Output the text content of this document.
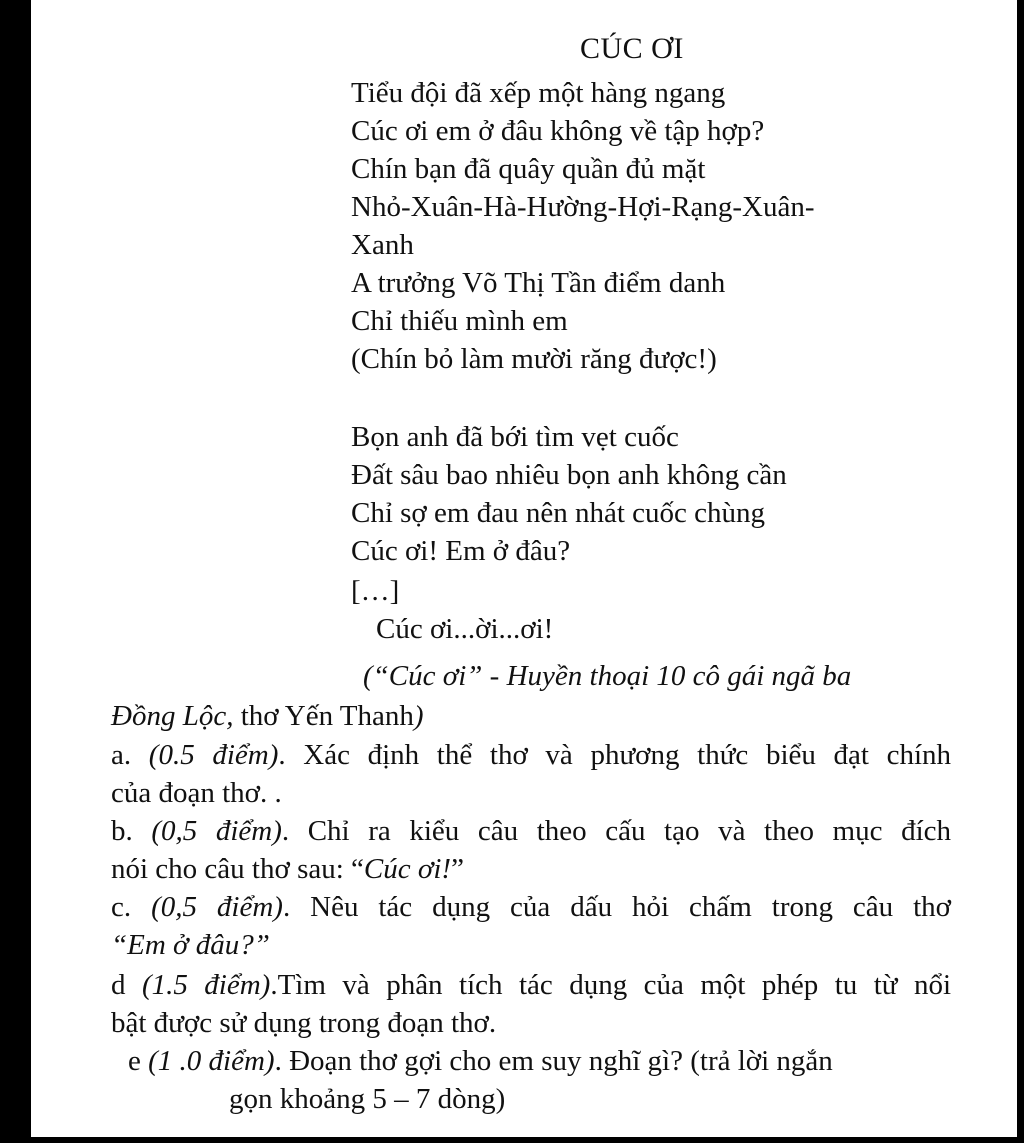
CÚC ƠI
Tiểu đội đã xếp một hàng ngang
Cúc ơi em ở đâu không về tập hợp?
Chín bạn đã quây quần đủ mặt
Nhỏ-Xuân-Hà-Hường-Hợi-Rạng-Xuân-
Xanh
A trưởng Võ Thị Tần điểm danh
Chỉ thiếu mình em
(Chín bỏ làm mười răng được!)
Bọn anh đã bới tìm vẹt cuốc
Đất sâu bao nhiêu bọn anh không cần
Chỉ sợ em đau nên nhát cuốc chùng
Cúc ơi! Em ở đâu?
[…]
Cúc ơi...ời...ơi!
(“Cúc ơi” - Huyền thoại 10 cô gái ngã ba
Đồng Lộc, thơ Yến Thanh)
a. (0.5 điểm). Xác định thể thơ và phương thức biểu đạt chính
của đoạn thơ. .
b. (0,5 điểm). Chỉ ra kiểu câu theo cấu tạo và theo mục đích
nói cho câu thơ sau: “Cúc ơi!”
c. (0,5 điểm). Nêu tác dụng của dấu hỏi chấm trong câu thơ
“Em ở đâu?”
d (1.5 điểm).Tìm và phân tích tác dụng của một phép tu từ nổi
bật được sử dụng trong đoạn thơ.
e (1 .0 điểm). Đoạn thơ gợi cho em suy nghĩ gì? (trả lời ngắn
gọn khoảng 5 – 7 dòng)
